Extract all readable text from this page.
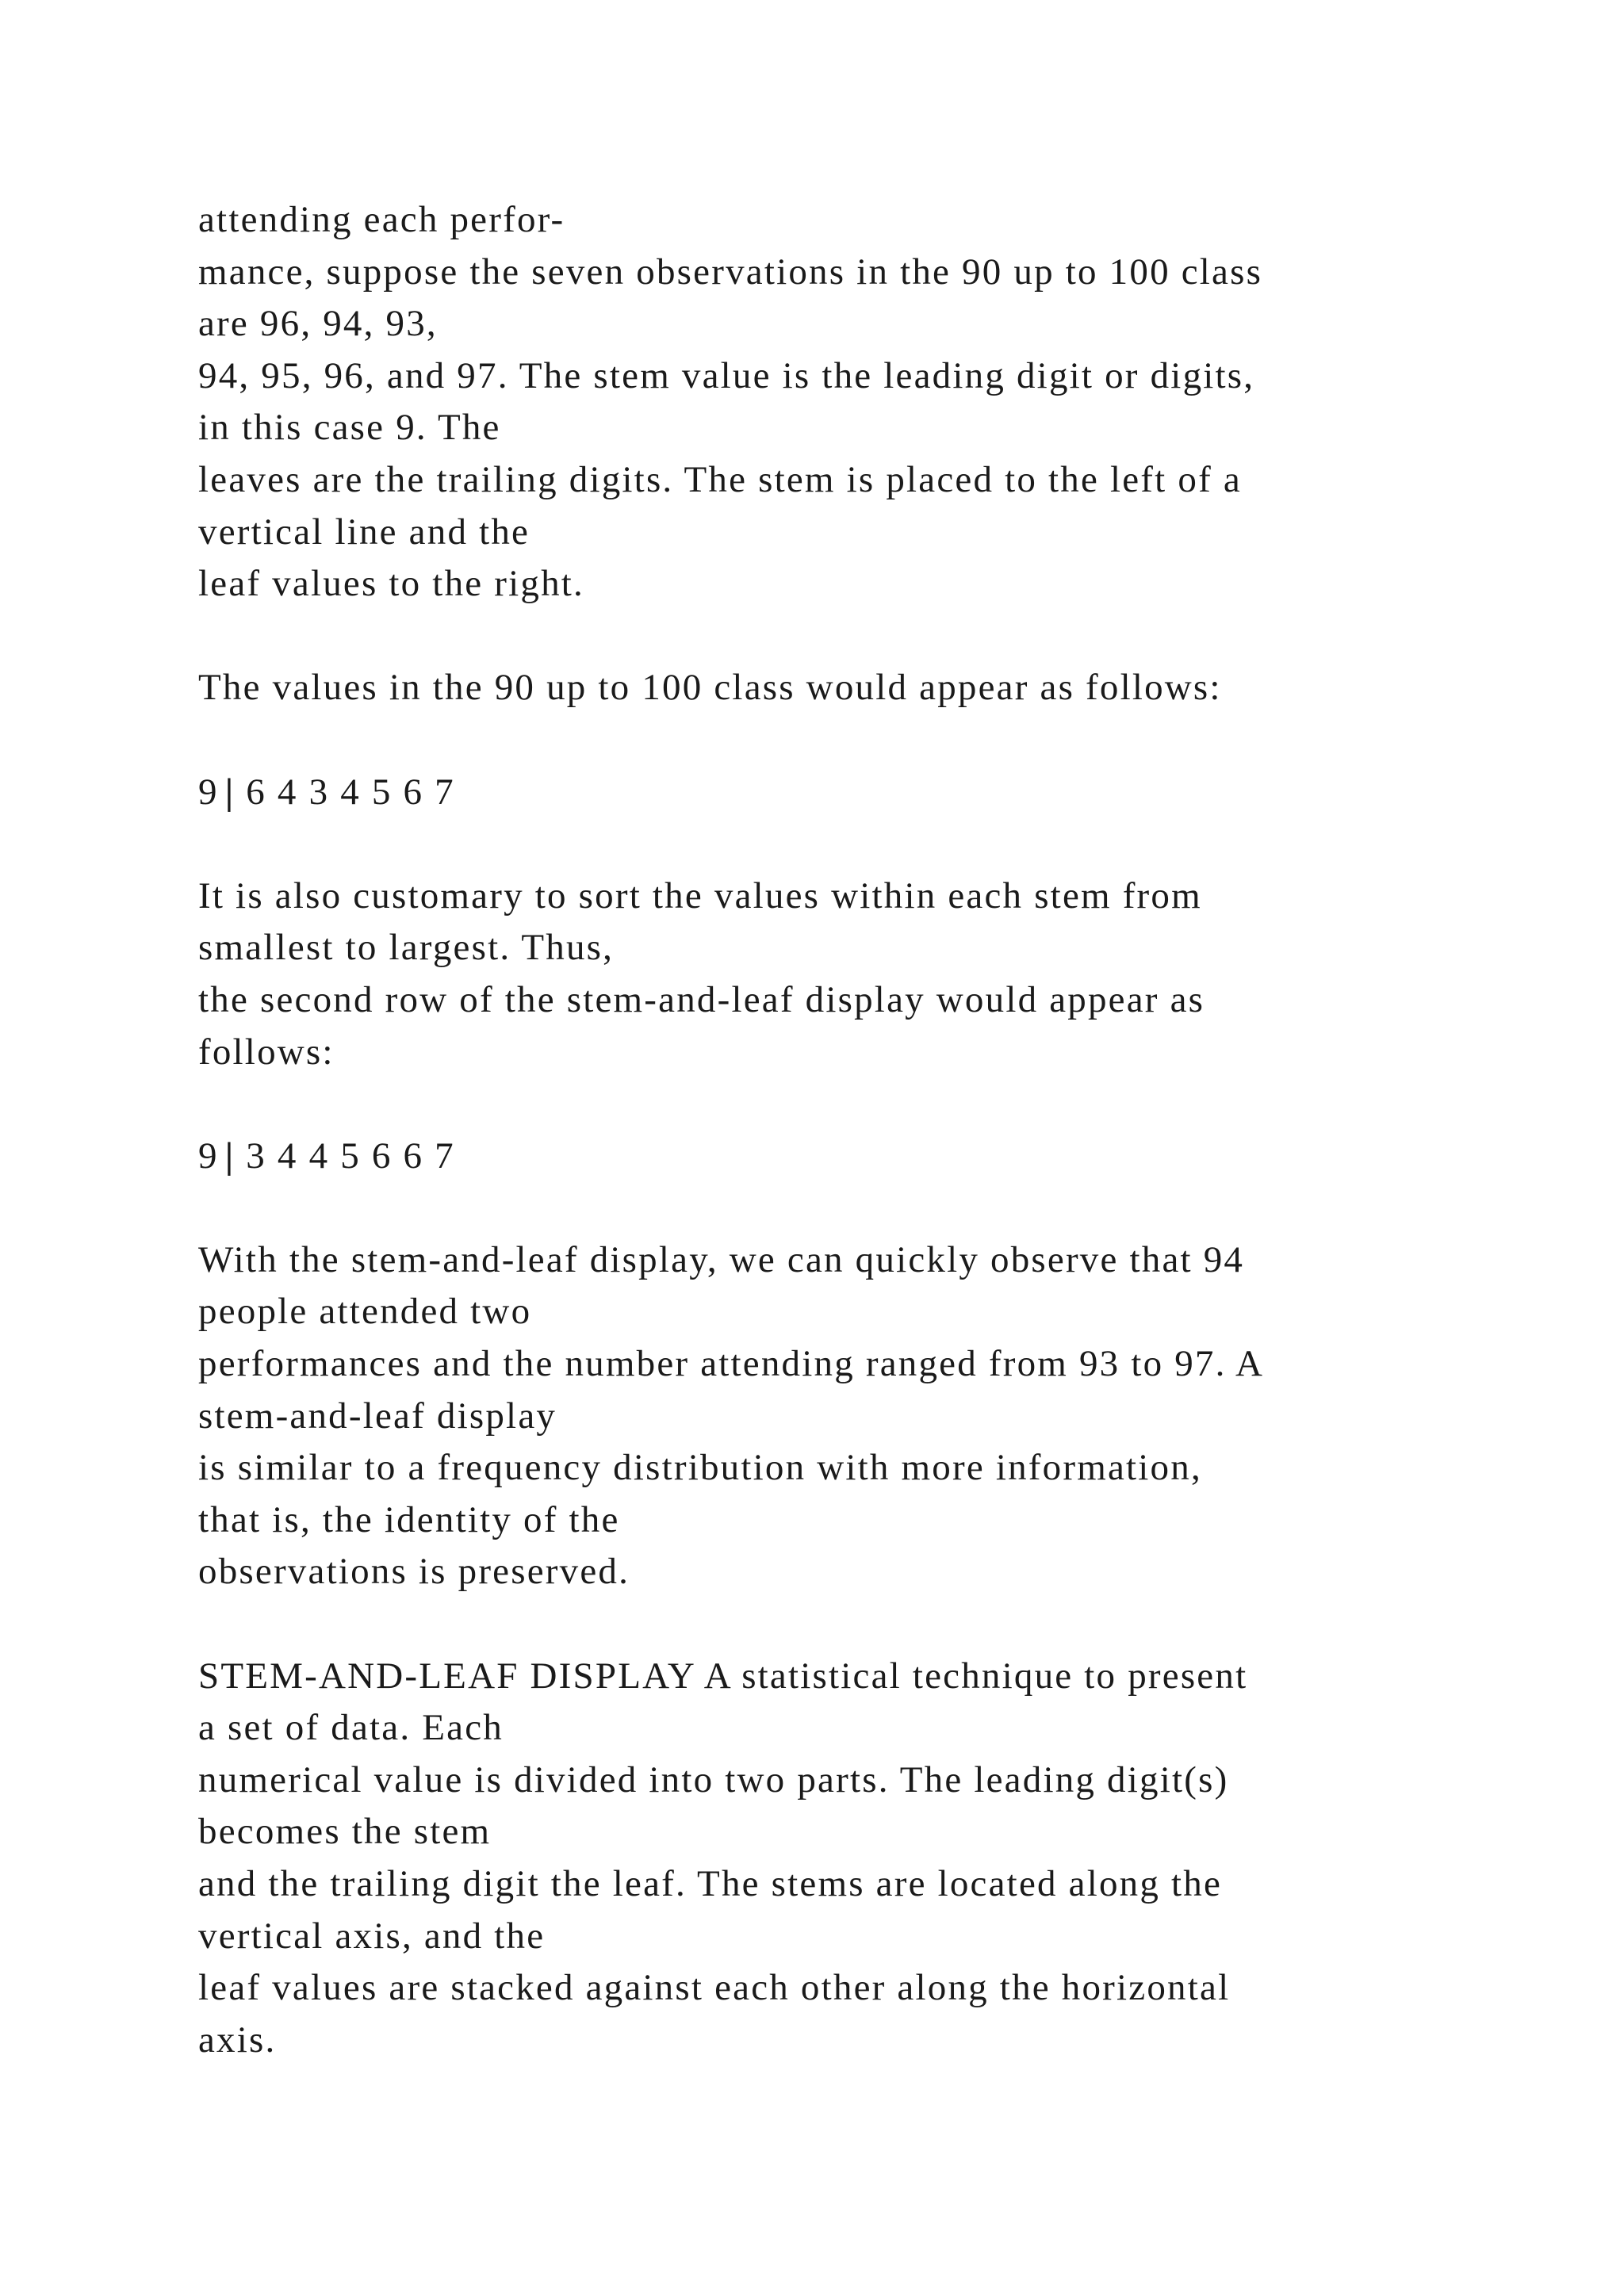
attending each perfor-

mance, suppose the seven observations in the 90 up to 100 class

are 96, 94, 93,

94, 95, 96, and 97. The stem value is the leading digit or digits,

in this case 9. The

leaves are the trailing digits. The stem is placed to the left of a

vertical line and the

leaf values to the right.

The values in the 90 up to 100 class would appear as follows:

9 | 6 4 3 4 5 6 7

It is also customary to sort the values within each stem from

smallest to largest. Thus,

the second row of the stem-and-leaf display would appear as

follows:

9 | 3 4 4 5 6 6 7

With the stem-and-leaf display, we can quickly observe that 94

people attended two

performances and the number attending ranged from 93 to 97. A

stem-and-leaf display

is similar to a frequency distribution with more information,

that is, the identity of the

observations is preserved.

STEM-AND-LEAF DISPLAY A statistical technique to present

a set of data. Each

numerical value is divided into two parts. The leading digit(s)

becomes the stem

and the trailing digit the leaf. The stems are located along the

vertical axis, and the

leaf values are stacked against each other along the horizontal

axis.
